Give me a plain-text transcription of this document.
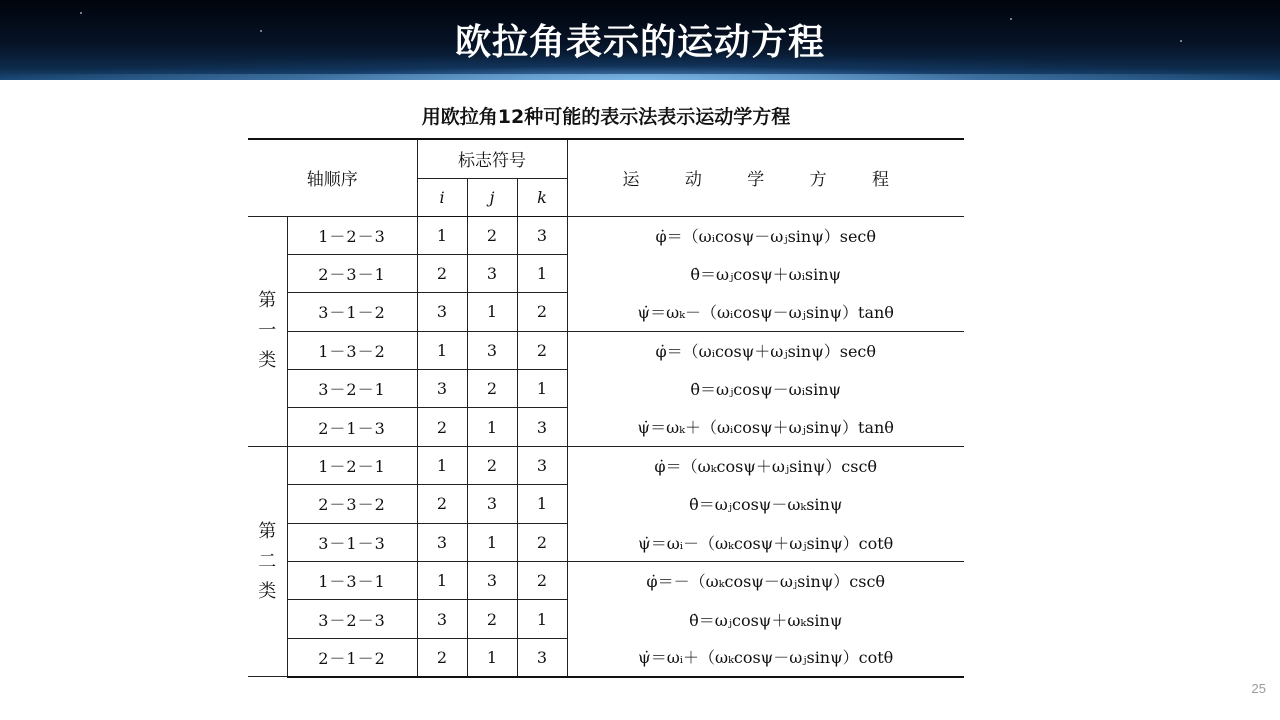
欧拉角表示的运动方程
用欧拉角12种可能的表示法表示运动学方程
轴顺序		标志符号			运 动 学 方 程
		i	j	k	

第
一
类	1－2－3	1	2	3	φ̇＝（ωᵢcosψ－ωⱼsinψ）secθ
	2－3－1	2	3	1	θ̇＝ωⱼcosψ＋ωᵢsinψ
	3－1－2	3	1	2	ψ̇＝ωₖ－（ωᵢcosψ－ωⱼsinψ）tanθ
	1－3－2	1	3	2	φ̇＝（ωᵢcosψ＋ωⱼsinψ）secθ
	3－2－1	3	2	1	θ̇＝ωⱼcosψ－ωᵢsinψ
	2－1－3	2	1	3	ψ̇＝ωₖ＋（ωᵢcosψ＋ωⱼsinψ）tanθ

第
二
类	1－2－1	1	2	3	φ̇＝（ωₖcosψ＋ωⱼsinψ）cscθ
	2－3－2	2	3	1	θ̇＝ωⱼcosψ－ωₖsinψ
	3－1－3	3	1	2	ψ̇＝ωᵢ－（ωₖcosψ＋ωⱼsinψ）cotθ
	1－3－1	1	3	2	φ̇＝－（ωₖcosψ－ωⱼsinψ）cscθ
	3－2－3	3	2	1	θ̇＝ωⱼcosψ＋ωₖsinψ
	2－1－2	2	1	3	ψ̇＝ωᵢ＋（ωₖcosψ－ωⱼsinψ）cotθ
25
